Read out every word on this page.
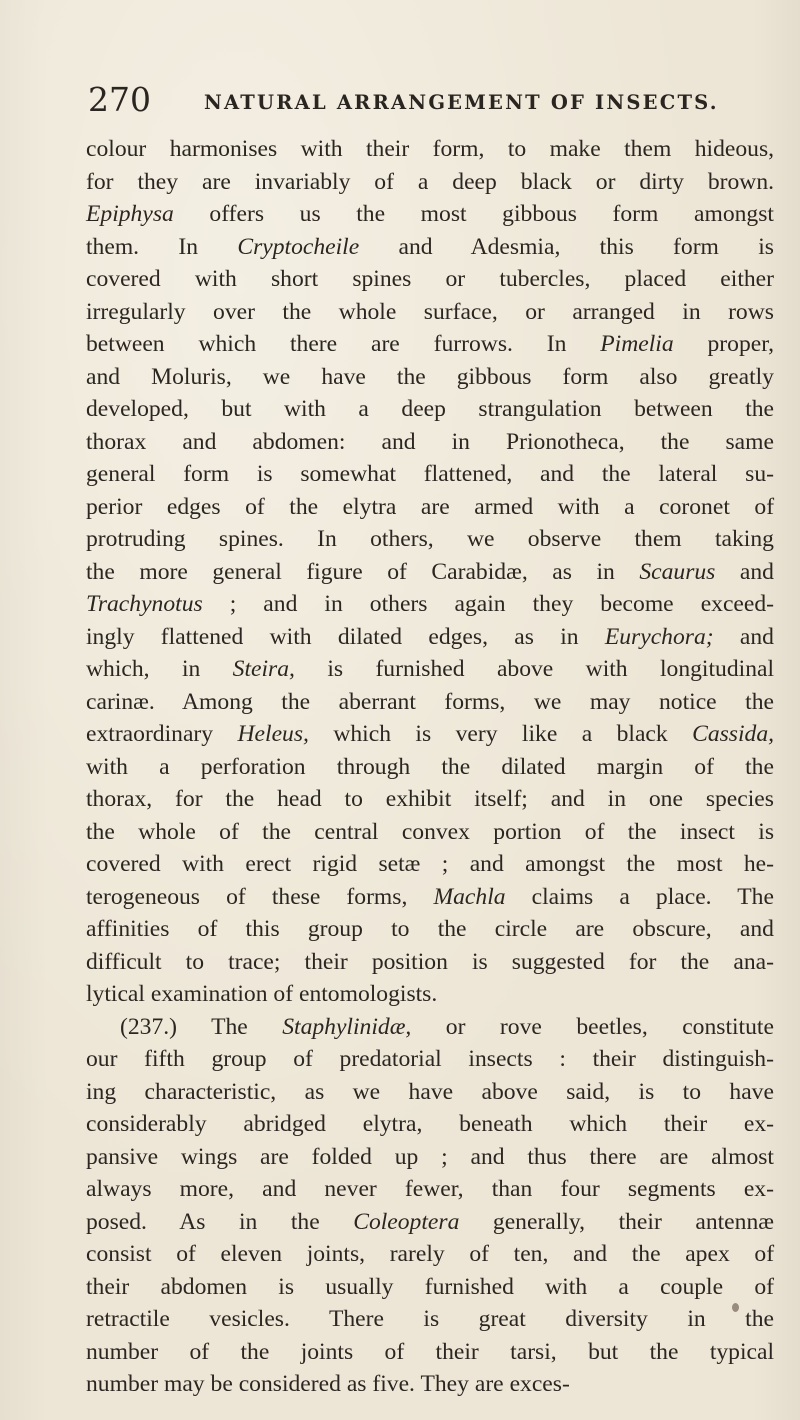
270	NATURAL ARRANGEMENT OF INSECTS.
colour harmonises with their form, to make them hideous,
for they are invariably of a deep black or dirty brown.
Epiphysa offers us the most gibbous form amongst
them. In Cryptocheile and Adesmia, this form is
covered with short spines or tubercles, placed either
irregularly over the whole surface, or arranged in rows
between which there are furrows. In Pimelia proper,
and Moluris, we have the gibbous form also greatly
developed, but with a deep strangulation between the
thorax and abdomen: and in Prionotheca, the same
general form is somewhat flattened, and the lateral su-
perior edges of the elytra are armed with a coronet of
protruding spines. In others, we observe them taking
the more general figure of Carabidæ, as in Scaurus and
Trachynotus ; and in others again they become exceed-
ingly flattened with dilated edges, as in Eurychora; and
which, in Steira, is furnished above with longitudinal
carinæ. Among the aberrant forms, we may notice the
extraordinary Heleus, which is very like a black Cassida,
with a perforation through the dilated margin of the
thorax, for the head to exhibit itself; and in one species
the whole of the central convex portion of the insect is
covered with erect rigid setæ ; and amongst the most he-
terogeneous of these forms, Machla claims a place. The
affinities of this group to the circle are obscure, and
difficult to trace; their position is suggested for the ana-
lytical examination of entomologists.
(237.) The Staphylinidæ, or rove beetles, constitute
our fifth group of predatorial insects : their distinguish-
ing characteristic, as we have above said, is to have
considerably abridged elytra, beneath which their ex-
pansive wings are folded up ; and thus there are almost
always more, and never fewer, than four segments ex-
posed. As in the Coleoptera generally, their antennæ
consist of eleven joints, rarely of ten, and the apex of
their abdomen is usually furnished with a couple of
retractile vesicles. There is great diversity in the
number of the joints of their tarsi, but the typical
number may be considered as five. They are exces-
